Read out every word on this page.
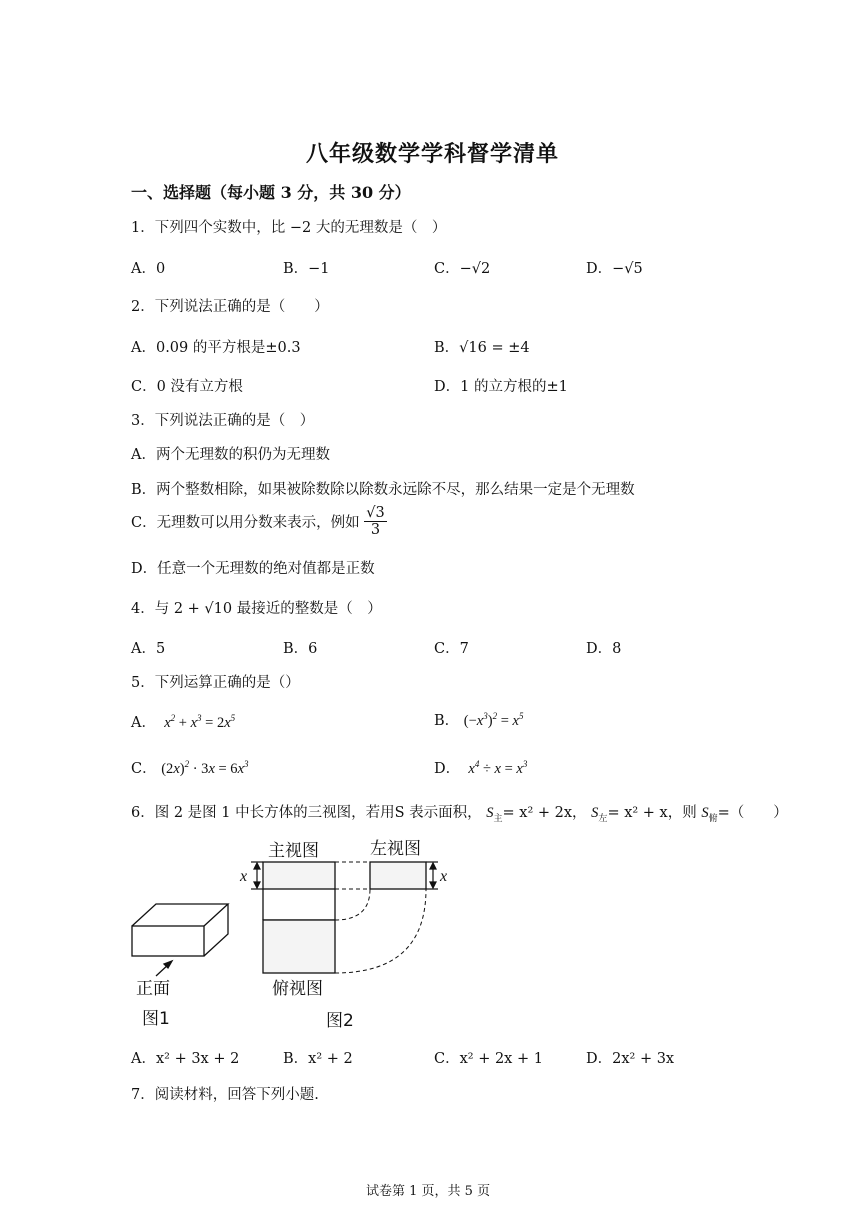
八年级数学学科督学清单
一、选择题（每小题 3 分，共 30 分）
1．下列四个实数中，比 −2 大的无理数是（　）
A．0	B．−1	C．−√2	D．−√5
2．下列说法正确的是（　　）
A．0.09 的平方根是±0.3	B．√16 = ±4
C．0 没有立方根	D．1 的立方根的±1
3．下列说法正确的是（　）
A．两个无理数的积仍为无理数
B．两个整数相除，如果被除数除以除数永远除不尽，那么结果一定是个无理数
C．无理数可以用分数来表示，例如 $\frac{√3}{3}$
D．任意一个无理数的绝对值都是正数
4．与 2 + √10 最接近的整数是（　）
A．5	B．6	C．7	D．8
5．下列运算正确的是（）
A．  $x^2 + x^3 = 2x^5$	B． $(-x^3)^2 = x^5$
C． $(2x)^2 \cdot 3x = 6x^3$	D．  $x^4 \div x = x^3$
6．图 2 是图 1 中长方体的三视图，若用S 表示面积， $S_主= x^2 + 2x$， $S_左= x^2 + x$，则 $S_俯=$（　　）
正面
图1
主视图	左视图
x	x
俯视图
图2
A．x² + 3x + 2	B．x² + 2	C．x² + 2x + 1	D．2x² + 3x
7．阅读材料，回答下列小题.
试卷第 1 页，共 5 页
